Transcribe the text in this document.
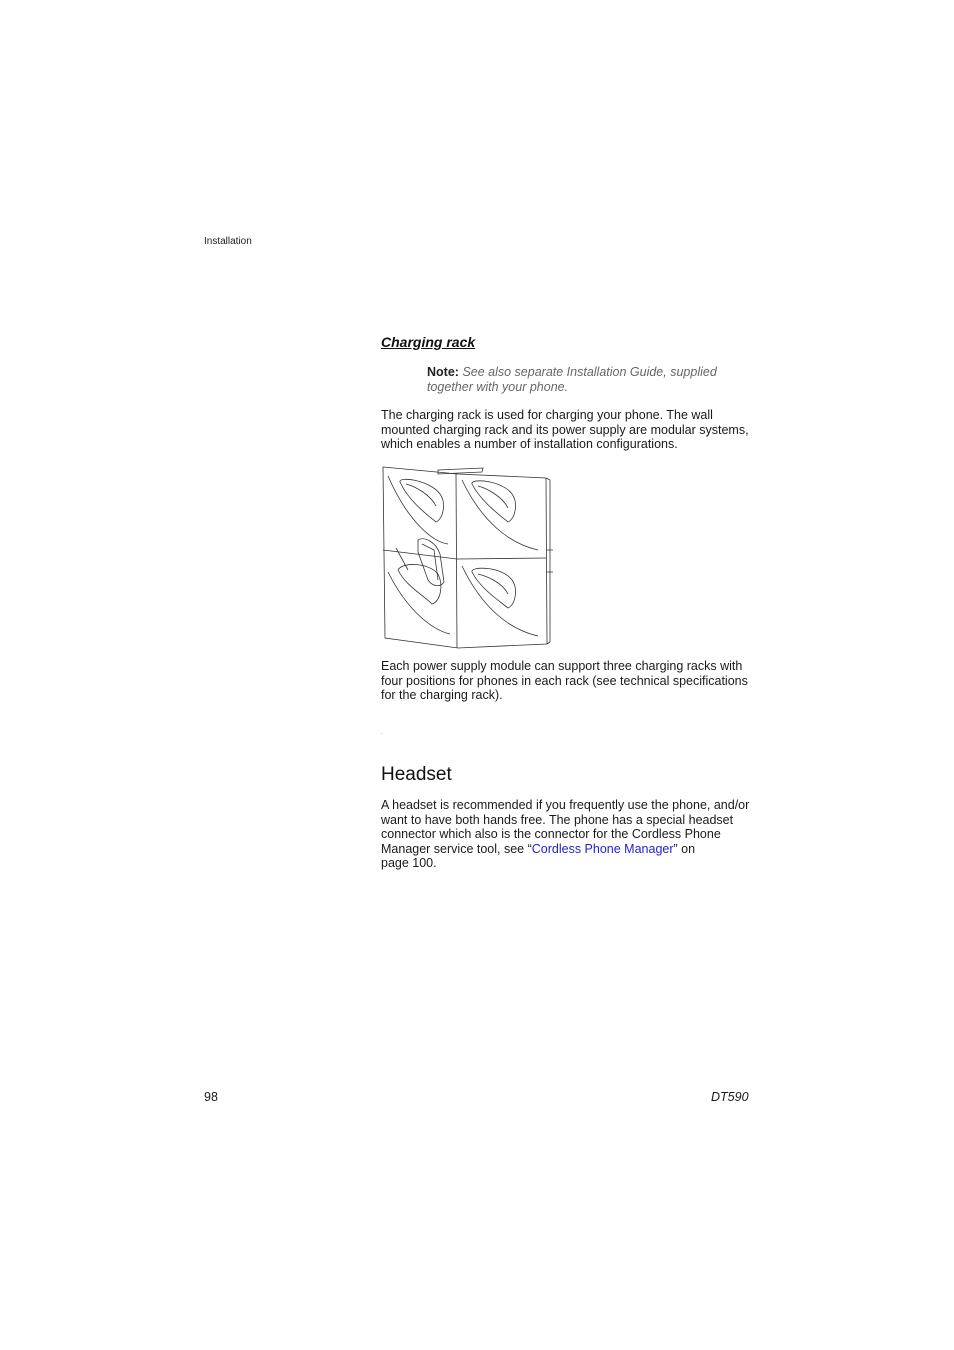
Installation
Charging rack
Note: See also separate Installation Guide, supplied together with your phone.
The charging rack is used for charging your phone. The wall mounted charging rack and its power supply are modular systems, which enables a number of installation configurations.
Each power supply module can support three charging racks with four positions for phones in each rack (see technical specifications for the charging rack).
.
Headset
A headset is recommended if you frequently use the phone, and/or want to have both hands free. The phone has a special headset connector which also is the connector for the Cordless Phone Manager service tool, see “Cordless Phone Manager” on
page 100.
98	DT590
